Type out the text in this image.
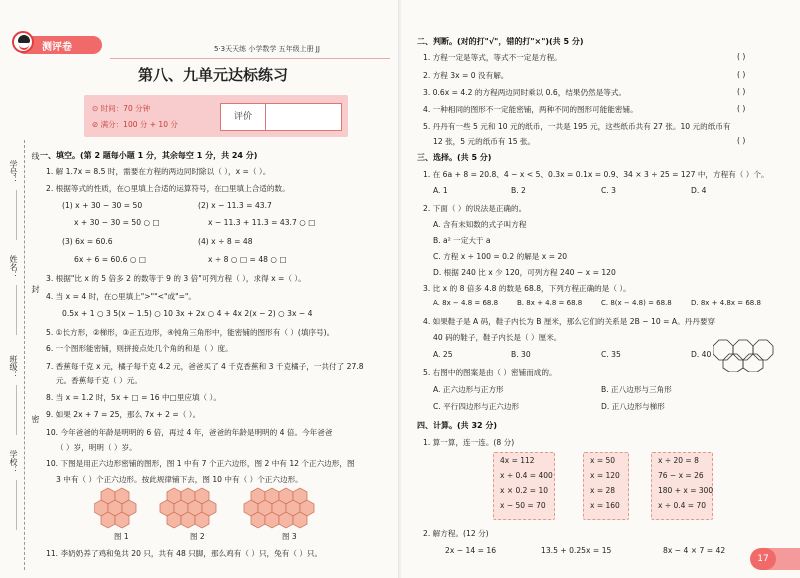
测评卷	5·3天天练 小学数学 五年级上册 JJ
第八、九单元达标练习
⊙ 时间：70 分钟
⊘ 满分：100 分 + 10 分
评价
学号：
姓名：
班级：
学校：
线
封
密
一、填空。(第 2 题每小题 1 分，其余每空 1 分，共 24 分)
1. 解 1.7x = 8.5 时，需要在方程的两边同时除以（ ），x =（ ）。
2. 根据等式的性质，在○里填上合适的运算符号，在□里填上合适的数。
(1) x + 30 − 30 = 50	(2) x − 11.3 = 43.7
x + 30 − 30 = 50 ○ □	x − 11.3 + 11.3 = 43.7 ○ □
(3) 6x = 60.6	(4) x ÷ 8 = 48
6x ÷ 6 = 60.6 ○ □	x ÷ 8 ○ □ = 48 ○ □
3. 根据"比 x 的 5 倍多 2 的数等于 9 的 3 倍"可列方程（ ），求得 x =（ ）。
4. 当 x = 4 时，在○里填上">""<"或"="。
0.5x + 1 ○ 3 5(x − 1.5) ○ 10 3x + 2x ○ 4 + 4x 2(x − 2) ○ 3x − 4
5. ①长方形，②梯形，③正五边形，④钝角三角形中，能密铺的图形有（ ）(填序号)。
6. 一个图形能密铺，则拼接点处几个角的和是（ ）度。
7. 香蕉每千克 x 元，橘子每千克 4.2 元，爸爸买了 4 千克香蕉和 3 千克橘子，一共付了 27.8
元。香蕉每千克（ ）元。
8. 当 x = 1.2 时，5x + □ = 16 中□里应填（ ）。
9. 如果 2x + 7 = 25，那么 7x + 2 =（ ）。
10. 今年爸爸的年龄是明明的 6 倍，再过 4 年，爸爸的年龄是明明的 4 倍。今年爸爸
（ ）岁，明明（ ）岁。
10. 下图是用正六边形密铺的图形，图 1 中有 7 个正六边形，图 2 中有 12 个正六边形，图
3 中有（ ）个正六边形。按此规律铺下去，图 10 中有（ ）个正六边形。
图 1	图 2	图 3
11. 李奶奶养了鸡和兔共 20 只，共有 48 只脚，那么鸡有（ ）只，兔有（ ）只。
二、判断。(对的打"√"，错的打"×")(共 5 分)
1. 方程一定是等式，等式不一定是方程。	( )
2. 方程 3x = 0 没有解。	( )
3. 0.6x = 4.2 的方程两边同时乘以 0.6，结果仍然是等式。	( )
4. 一种相同的图形不一定能密铺，两种不同的图形可能能密铺。	( )
5. 丹丹有一些 5 元和 10 元的纸币，一共是 195 元，这些纸币共有 27 张。10 元的纸币有
12 张，5 元的纸币有 15 张。	( )
三、选择。(共 5 分)
1. 在 6a + 8 = 20.8、4 − x < 5、0.3x = 0.1x = 0.9、34 × 3 ÷ 25 = 127 中，方程有（ ）个。
A. 1	B. 2	C. 3	D. 4
2. 下面（ ）的说法是正确的。
A. 含有未知数的式子叫方程
B. a² 一定大于 a
C. 方程 x ÷ 100 = 0.2 的解是 x = 20
D. 根据 240 比 x 少 120，可列方程 240 − x = 120
3. 比 x 的 8 倍多 4.8 的数是 68.8，下列方程正确的是（ ）。
A. 8x − 4.8 = 68.8	B. 8x + 4.8 = 68.8	C. 8(x − 4.8) = 68.8	D. 8x + 4.8x = 68.8
4. 如果鞋子是 A 码，鞋子内长为 B 厘米，那么它们的关系是 2B − 10 = A。丹丹要穿
40 码的鞋子，鞋子内长是（ ）厘米。
A. 25	B. 30	C. 35	D. 40
5. 右图中的图案是由（ ）密铺而成的。
A. 正六边形与正方形	B. 正八边形与三角形
C. 平行四边形与正六边形	D. 正八边形与梯形
四、计算。(共 32 分)
1. 算一算，连一连。(8 分)
4x = 112
x ÷ 0.4 = 400
x × 0.2 = 10
x − 50 = 70
x = 50
x = 120
x = 28
x = 160
x ÷ 20 = 8
76 − x = 26
180 + x = 300
x ÷ 0.4 = 70
2. 解方程。(12 分)
2x − 14 = 16	13.5 + 0.25x = 15	8x − 4 × 7 = 42
17
